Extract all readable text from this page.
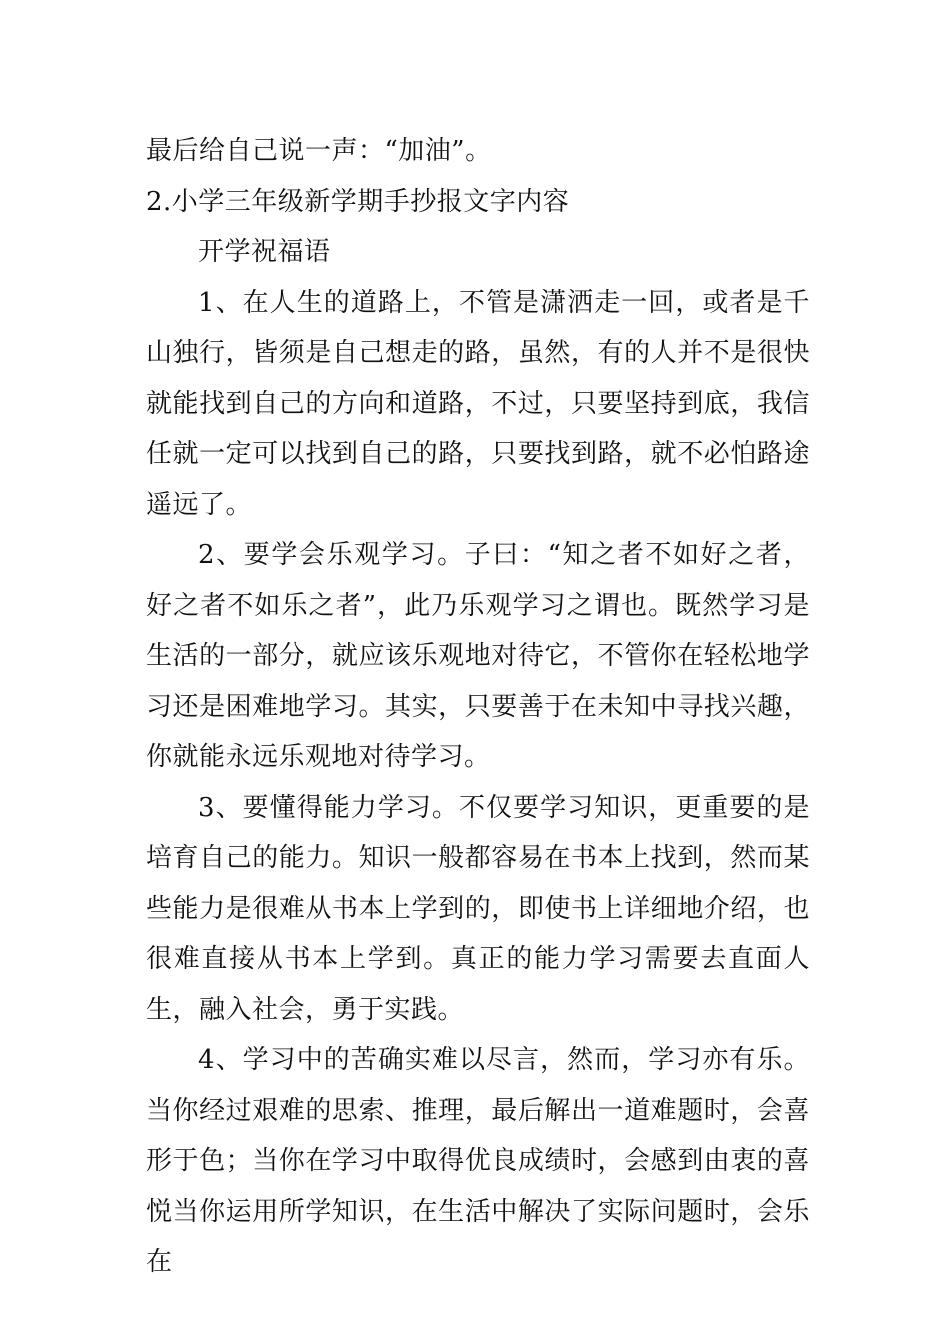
最后给自己说一声：“加油”。

2.小学三年级新学期手抄报文字内容

开学祝福语

1、在人生的道路上，不管是潇洒走一回，或者是千山独行，皆须是自己想走的路，虽然，有的人并不是很快就能找到自己的方向和道路，不过，只要坚持到底，我信任就一定可以找到自己的路，只要找到路，就不必怕路途遥远了。

2、要学会乐观学习。子曰：“知之者不如好之者，好之者不如乐之者”，此乃乐观学习之谓也。既然学习是生活的一部分，就应该乐观地对待它，不管你在轻松地学习还是困难地学习。其实，只要善于在未知中寻找兴趣，你就能永远乐观地对待学习。

3、要懂得能力学习。不仅要学习知识，更重要的是培育自己的能力。知识一般都容易在书本上找到，然而某些能力是很难从书本上学到的，即使书上详细地介绍，也很难直接从书本上学到。真正的能力学习需要去直面人生，融入社会，勇于实践。

4、学习中的苦确实难以尽言，然而，学习亦有乐。当你经过艰难的思索、推理，最后解出一道难题时，会喜形于色；当你在学习中取得优良成绩时，会感到由衷的喜悦当你运用所学知识，在生活中解决了实际问题时，会乐在
